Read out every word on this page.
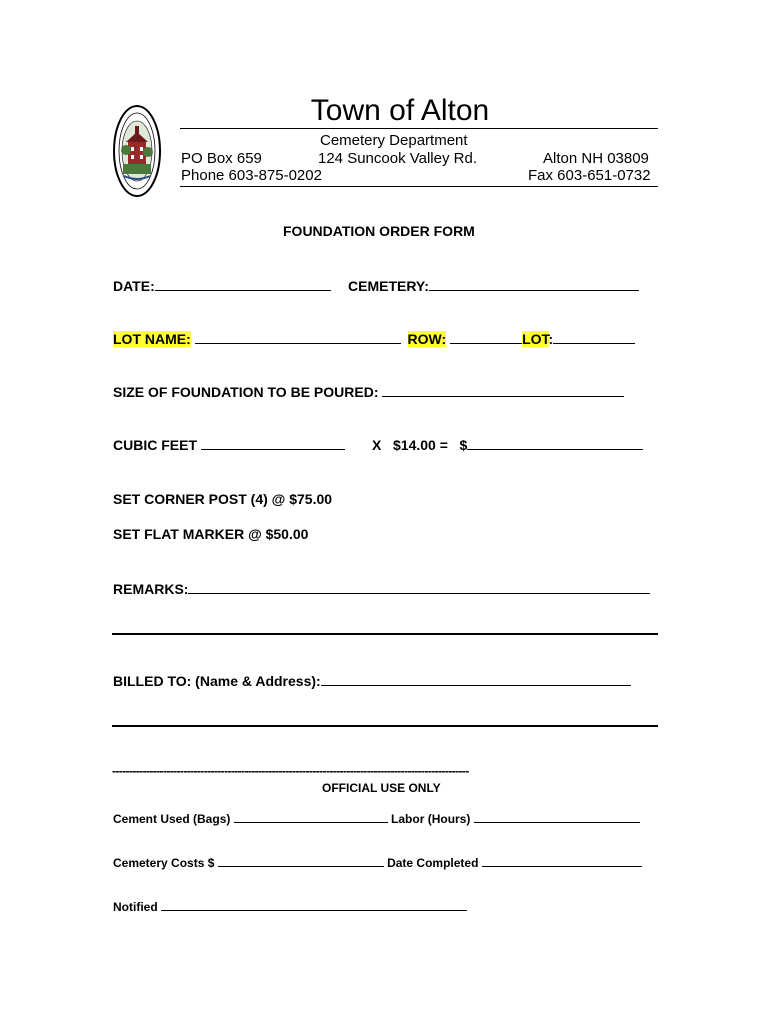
Town of Alton
Cemetery Department
PO Box 659	124 Suncook Valley Rd.	Alton NH 03809
Phone 603-875-0202	Fax 603-651-0732
FOUNDATION ORDER FORM
DATE:	CEMETERY:
LOT NAME:	ROW:	LOT:
SIZE OF FOUNDATION TO BE POURED:
CUBIC FEET	X   $14.00 =   $
SET CORNER POST (4) @ $75.00
SET FLAT MARKER @ $50.00
REMARKS:
BILLED TO: (Name & Address):
---------------------------------------------------------------------------------------------------------
OFFICIAL USE ONLY
Cement Used (Bags)	Labor (Hours)
Cemetery Costs $	Date Completed
Notified
